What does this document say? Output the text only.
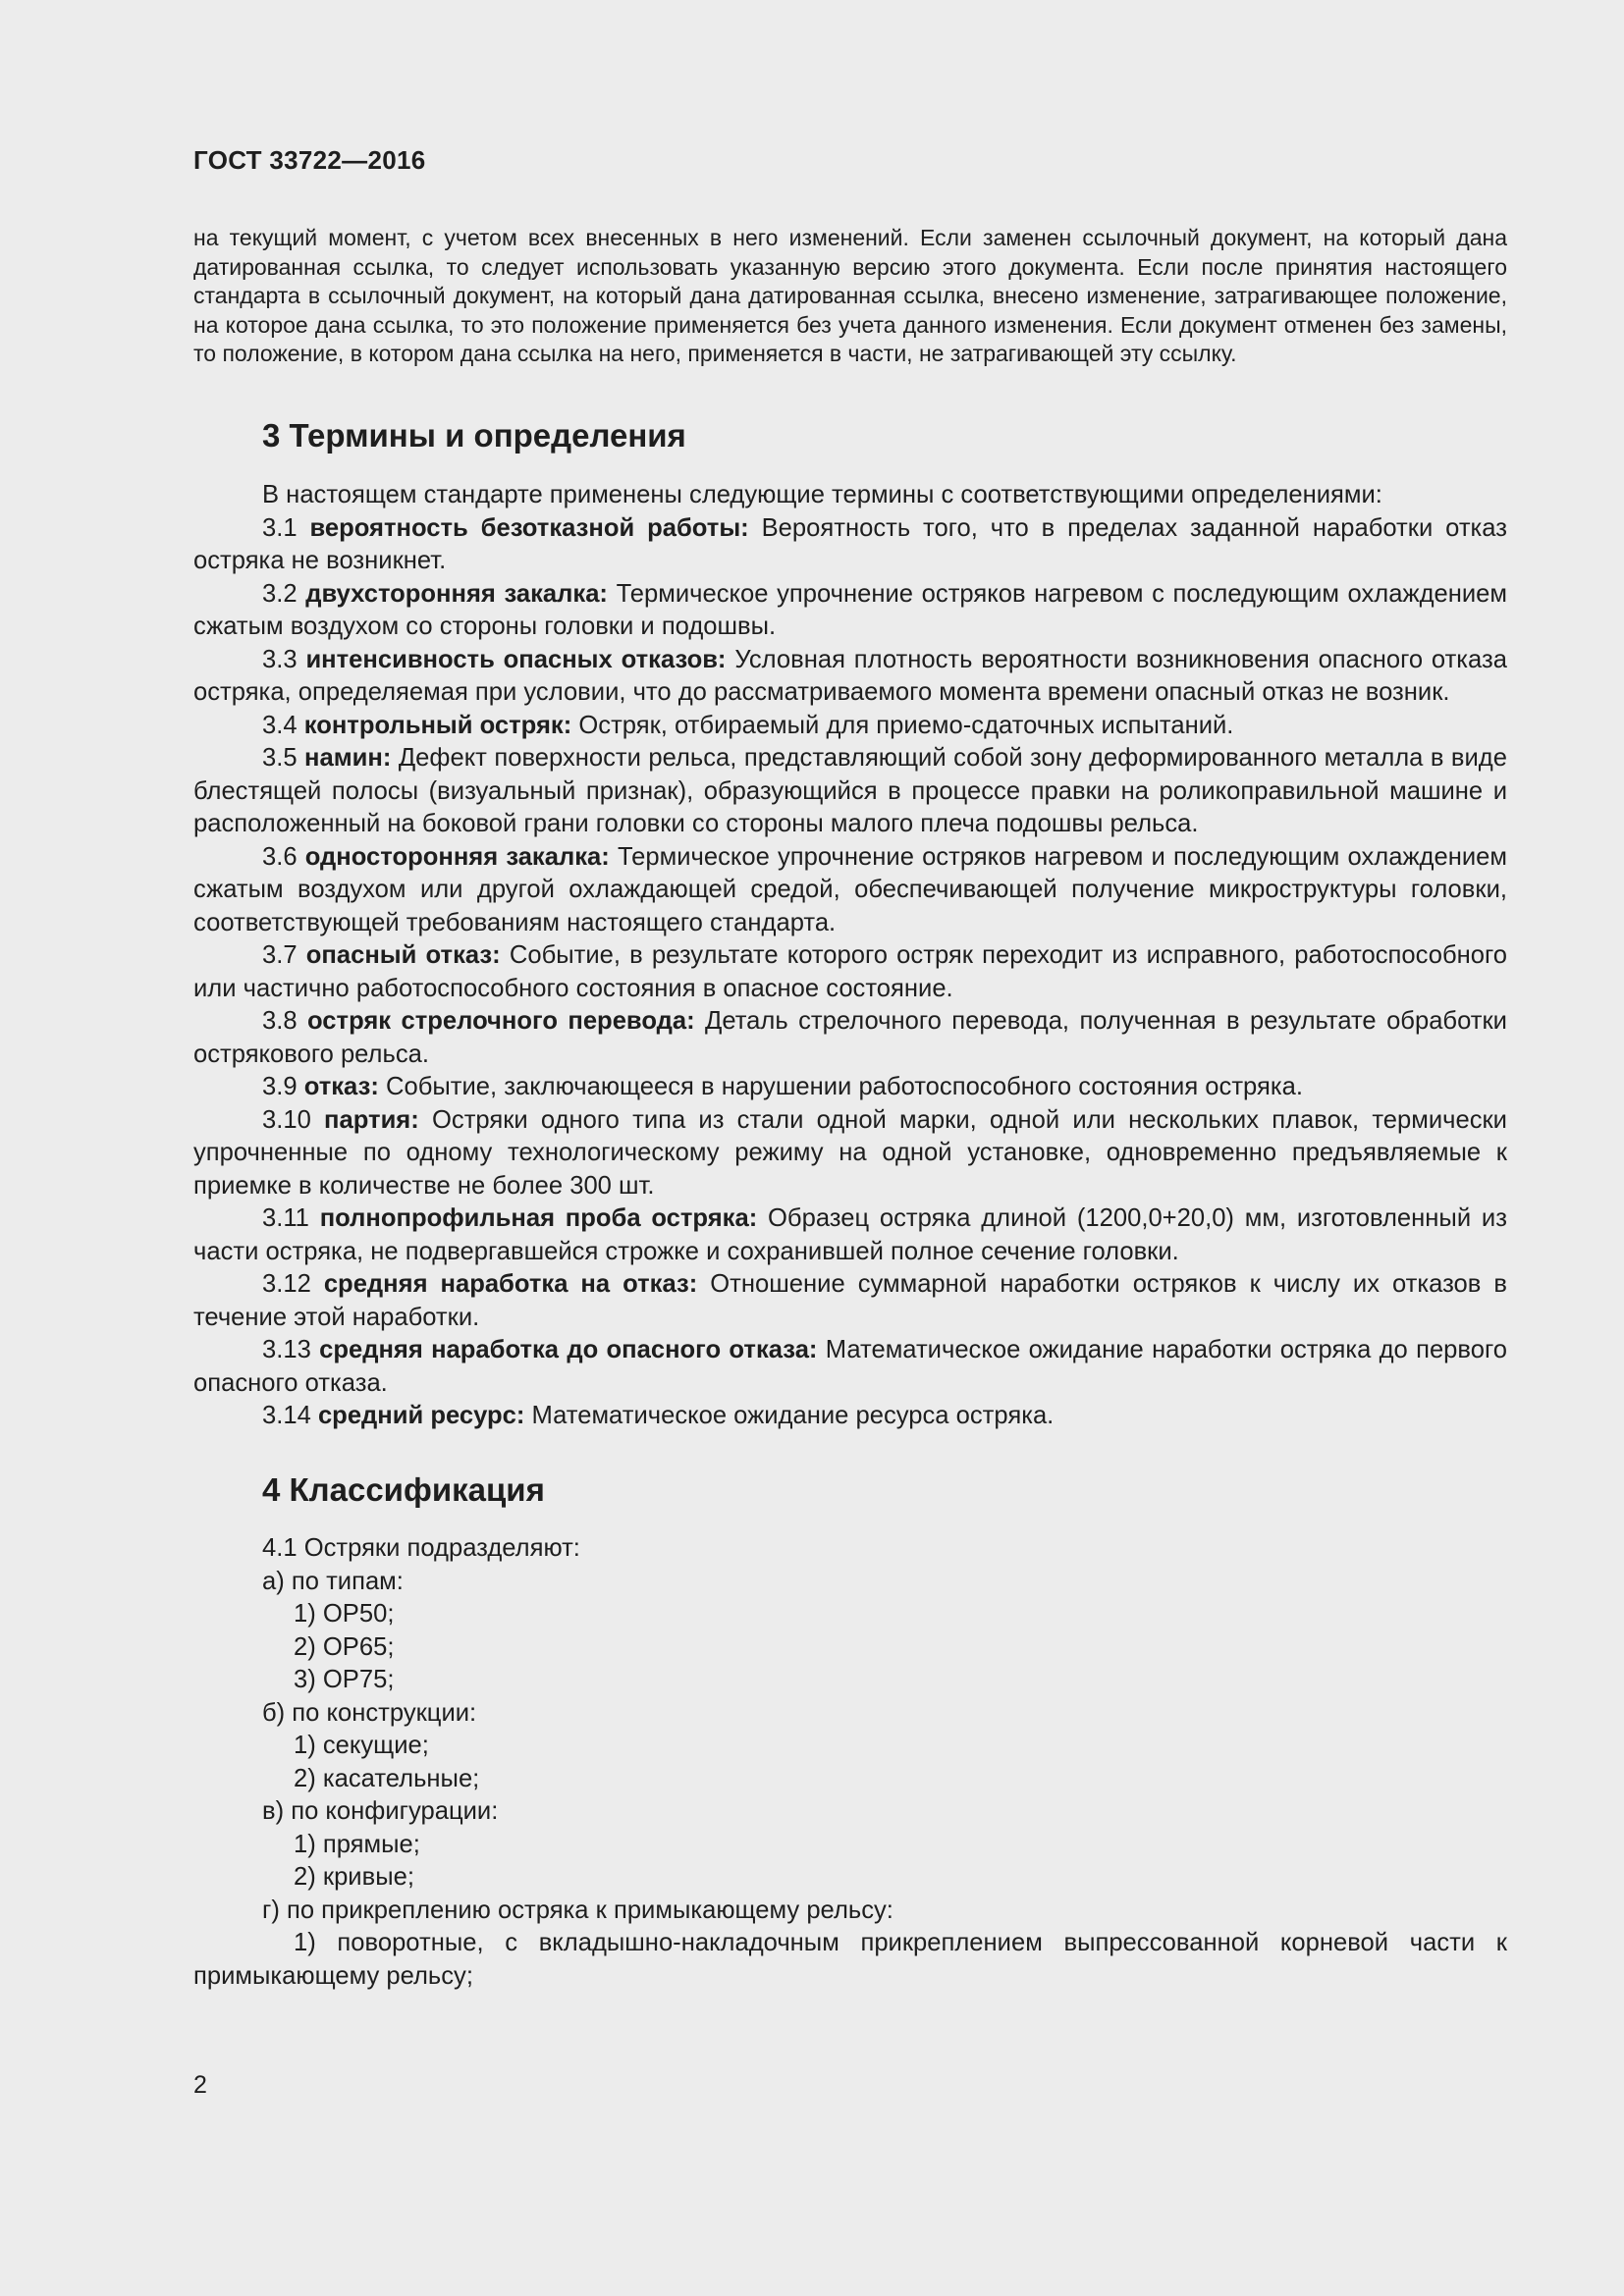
ГОСТ 33722—2016

на текущий момент, с учетом всех внесенных в него изменений. Если заменен ссылочный документ, на который дана датированная ссылка, то следует использовать указанную версию этого документа. Если после принятия настоящего стандарта в ссылочный документ, на который дана датированная ссылка, внесено изменение, затрагивающее положение, на которое дана ссылка, то это положение применяется без учета данного изменения. Если документ отменен без замены, то положение, в котором дана ссылка на него, применяется в части, не затрагивающей эту ссылку.

3 Термины и определения

В настоящем стандарте применены следующие термины с соответствующими определениями:

3.1 вероятность безотказной работы: Вероятность того, что в пределах заданной наработки отказ остряка не возникнет.

3.2 двухсторонняя закалка: Термическое упрочнение остряков нагревом с последующим охлаждением сжатым воздухом со стороны головки и подошвы.

3.3 интенсивность опасных отказов: Условная плотность вероятности возникновения опасного отказа остряка, определяемая при условии, что до рассматриваемого момента времени опасный отказ не возник.

3.4 контрольный остряк: Остряк, отбираемый для приемо-сдаточных испытаний.

3.5 намин: Дефект поверхности рельса, представляющий собой зону деформированного металла в виде блестящей полосы (визуальный признак), образующийся в процессе правки на роликоправильной машине и расположенный на боковой грани головки со стороны малого плеча подошвы рельса.

3.6 односторонняя закалка: Термическое упрочнение остряков нагревом и последующим охлаждением сжатым воздухом или другой охлаждающей средой, обеспечивающей получение микроструктуры головки, соответствующей требованиям настоящего стандарта.

3.7 опасный отказ: Событие, в результате которого остряк переходит из исправного, работоспособного или частично работоспособного состояния в опасное состояние.

3.8 остряк стрелочного перевода: Деталь стрелочного перевода, полученная в результате обработки острякового рельса.

3.9 отказ: Событие, заключающееся в нарушении работоспособного состояния остряка.

3.10 партия: Остряки одного типа из стали одной марки, одной или нескольких плавок, термически упрочненные по одному технологическому режиму на одной установке, одновременно предъявляемые к приемке в количестве не более 300 шт.

3.11 полнопрофильная проба остряка: Образец остряка длиной (1200,0+20,0) мм, изготовленный из части остряка, не подвергавшейся строжке и сохранившей полное сечение головки.

3.12 средняя наработка на отказ: Отношение суммарной наработки остряков к числу их отказов в течение этой наработки.

3.13 средняя наработка до опасного отказа: Математическое ожидание наработки остряка до первого опасного отказа.

3.14 средний ресурс: Математическое ожидание ресурса остряка.

4 Классификация

4.1 Остряки подразделяют:

а) по типам:

1) ОР50;

2) ОР65;

3) ОР75;

б) по конструкции:

1) секущие;

2) касательные;

в) по конфигурации:

1) прямые;

2) кривые;

г) по прикреплению остряка к примыкающему рельсу:

1) поворотные, с вкладышно-накладочным прикреплением выпрессованной корневой части к примыкающему рельсу;

2
